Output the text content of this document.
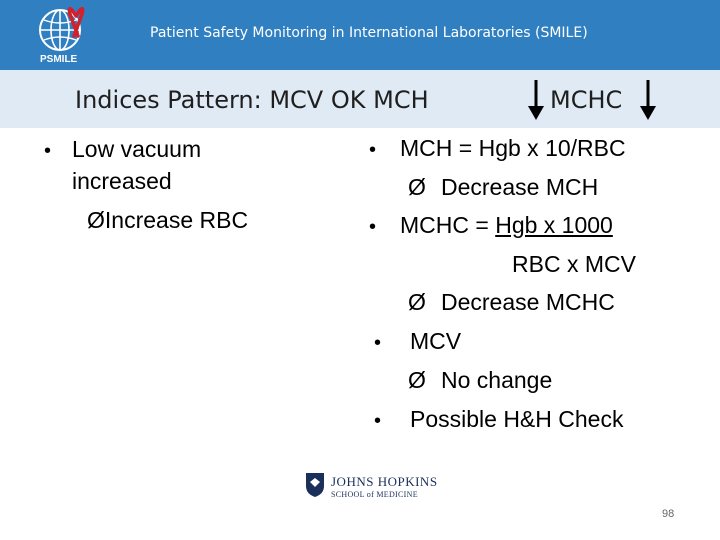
PSMILE
Patient Safety Monitoring in International Laboratories (SMILE)
Indices Pattern: MCV OK MCH	MCHC
• Low vacuum
increased
ØIncrease RBC
• MCH = Hgb x 10/RBC
Ø Decrease MCH
• MCHC = Hgb x 1000
RBC x MCV
Ø Decrease MCHC
• MCV
Ø No change
• Possible H&H Check
JOHNS HOPKINS
SCHOOL of MEDICINE
98
